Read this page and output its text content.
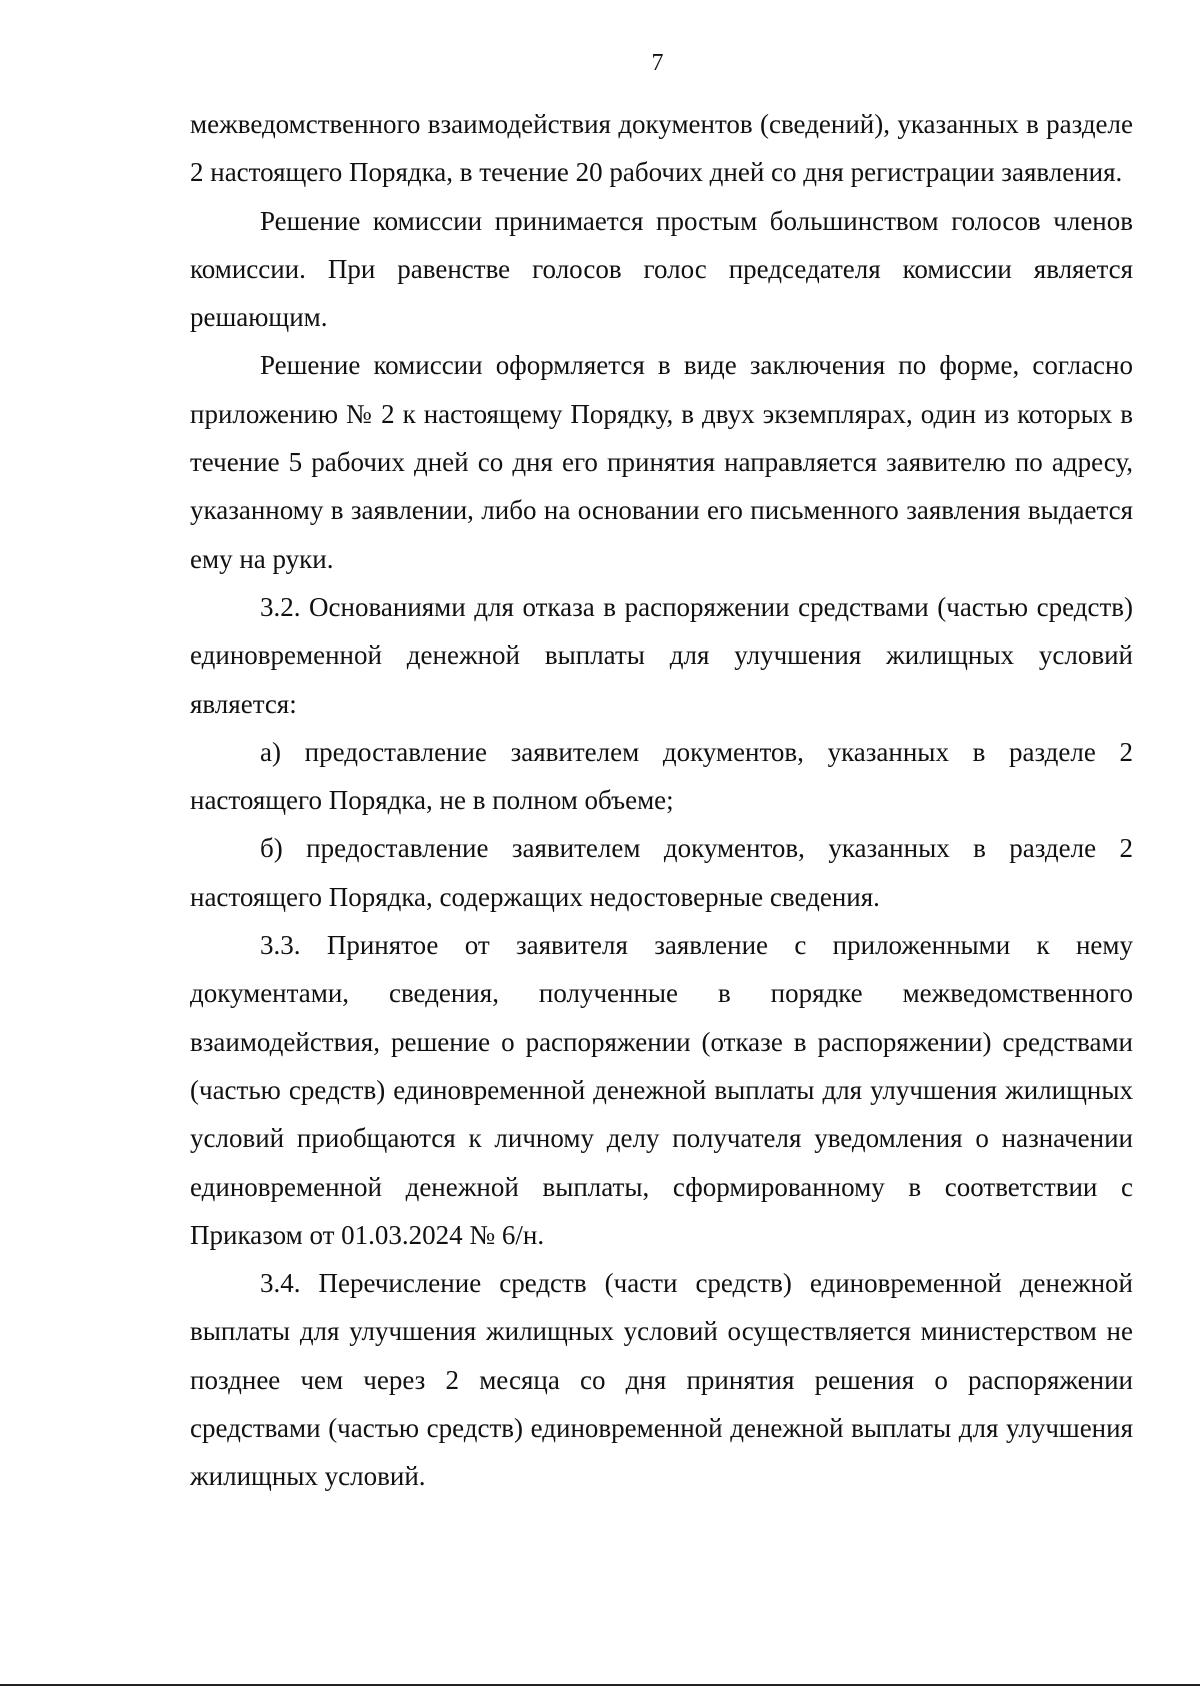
7

межведомственного взаимодействия документов (сведений), указанных в разделе 2 настоящего Порядка, в течение 20 рабочих дней со дня регистрации заявления.

Решение комиссии принимается простым большинством голосов членов комиссии. При равенстве голосов голос председателя комиссии является решающим.

Решение комиссии оформляется в виде заключения по форме, согласно приложению № 2 к настоящему Порядку, в двух экземплярах, один из которых в течение 5 рабочих дней со дня его принятия направляется заявителю по адресу, указанному в заявлении, либо на основании его письменного заявления выдается ему на руки.

3.2. Основаниями для отказа в распоряжении средствами (частью средств) единовременной денежной выплаты для улучшения жилищных условий является:

а) предоставление заявителем документов, указанных в разделе 2 настоящего Порядка, не в полном объеме;

б) предоставление заявителем документов, указанных в разделе 2 настоящего Порядка, содержащих недостоверные сведения.

3.3. Принятое от заявителя заявление с приложенными к нему документами, сведения, полученные в порядке межведомственного взаимодействия, решение о распоряжении (отказе в распоряжении) средствами (частью средств) единовременной денежной выплаты для улучшения жилищных условий приобщаются к личному делу получателя уведомления о назначении единовременной денежной выплаты, сформированному в соответствии с Приказом от 01.03.2024 № 6/н.

3.4. Перечисление средств (части средств) единовременной денежной выплаты для улучшения жилищных условий осуществляется министерством не позднее чем через 2 месяца со дня принятия решения о распоряжении средствами (частью средств) единовременной денежной выплаты для улучшения жилищных условий.
